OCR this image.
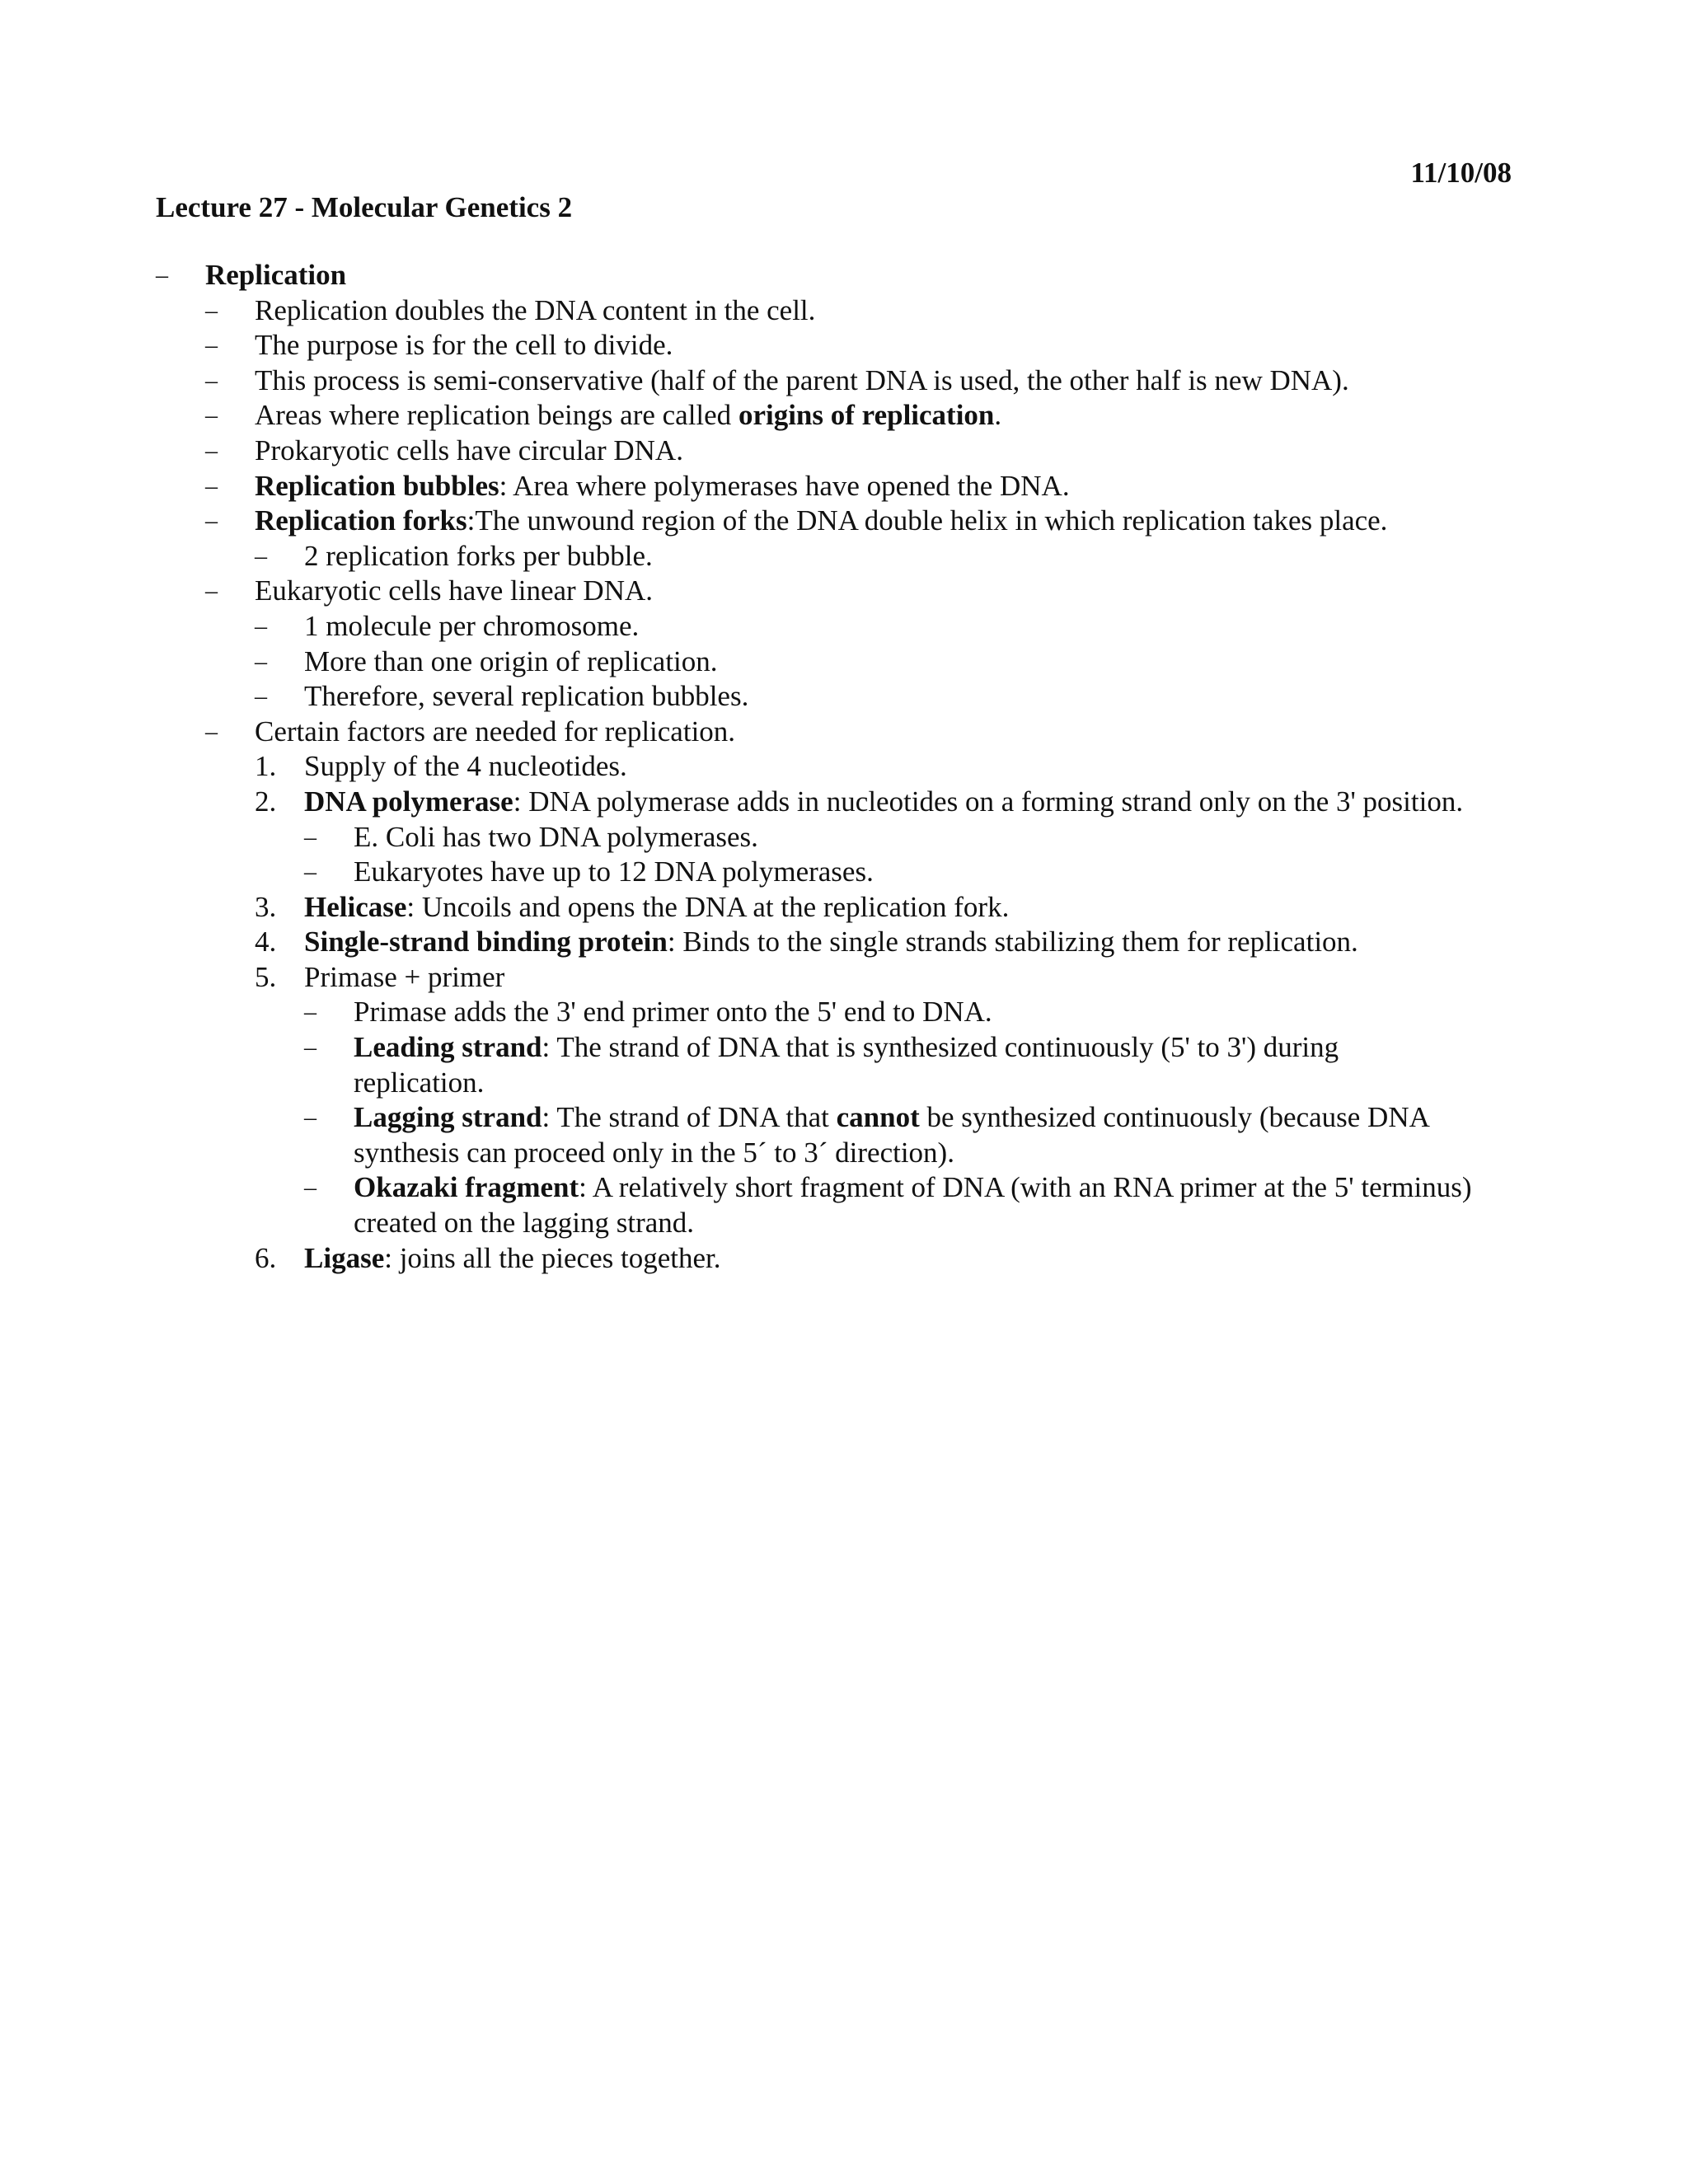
11/10/08
Lecture 27 - Molecular Genetics 2
–	Replication
–	Replication doubles the DNA content in the cell.
–	The purpose is for the cell to divide.
–	This process is semi-conservative (half of the parent DNA is used, the other half is new DNA).
–	Areas where replication beings are called origins of replication.
–	Prokaryotic cells have circular DNA.
–	Replication bubbles: Area where polymerases have opened the DNA.
–	Replication forks:The unwound region of the DNA double helix in which replication takes place.
–	2 replication forks per bubble.
–	Eukaryotic cells have linear DNA.
–	1 molecule per chromosome.
–	More than one origin of replication.
–	Therefore, several replication bubbles.
–	Certain factors are needed for replication.
1. Supply of the 4 nucleotides.
2. DNA polymerase: DNA polymerase adds in nucleotides on a forming strand only on the 3' position.
–	E. Coli has two DNA polymerases.
–	Eukaryotes have up to 12 DNA polymerases.
3. Helicase: Uncoils and opens the DNA at the replication fork.
4. Single-strand binding protein: Binds to the single strands stabilizing them for replication.
5. Primase + primer
–	Primase adds the 3' end primer onto the 5' end to DNA.
–	Leading strand: The strand of DNA that is synthesized continuously (5' to 3') during
replication.
–	Lagging strand: The strand of DNA that cannot be synthesized continuously (because DNA
synthesis can proceed only in the 5´ to 3´ direction).
–	Okazaki fragment: A relatively short fragment of DNA (with an RNA primer at the 5' terminus)
created on the lagging strand.
6. Ligase: joins all the pieces together.
